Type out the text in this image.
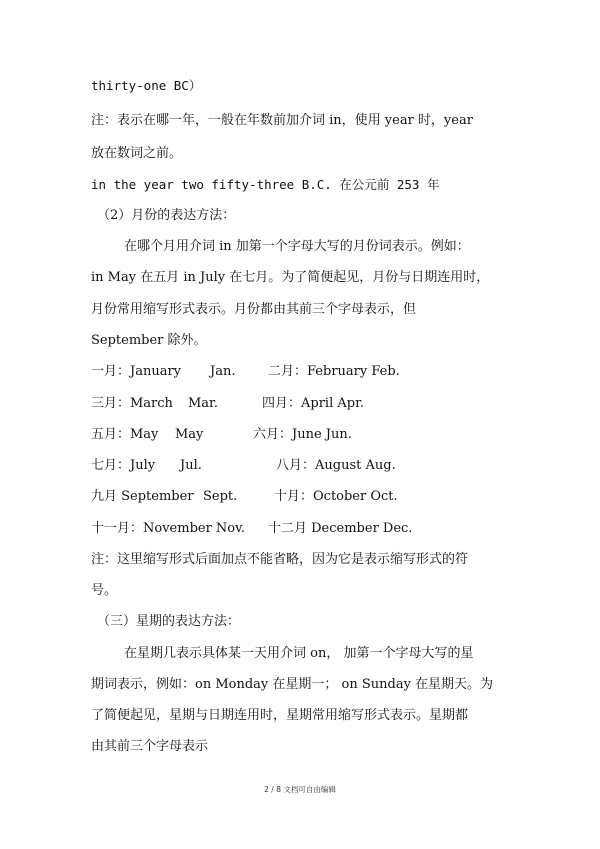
thirty-one BC）
注：表示在哪一年，一般在年数前加介词 in，使用 year 时，year
放在数词之前。
in the year two fifty-three B.C. 在公元前 253 年
（2）月份的表达方法：
在哪个月用介词 in 加第一个字母大写的月份词表示。例如：
in May 在五月 in July 在七月。为了简便起见，月份与日期连用时，
月份常用缩写形式表示。月份都由其前三个字母表示，但
September 除外。
一月：January Jan.	二月：February Feb.
三月：March Mar.	四月：April Apr.
五月：May May	六月：June Jun.
七月：July Jul.	八月：August Aug.
九月 September Sept.	十月：October Oct.
十一月：November Nov. 十二月 December Dec.
注：这里缩写形式后面加点不能省略，因为它是表示缩写形式的符
号。
（三）星期的表达方法：
在星期几表示具体某一天用介词 on， 加第一个字母大写的星
期词表示，例如：on Monday 在星期一； on Sunday 在星期天。为
了简便起见，星期与日期连用时，星期常用缩写形式表示。星期都
由其前三个字母表示
2 / 8 文档可自由编辑
